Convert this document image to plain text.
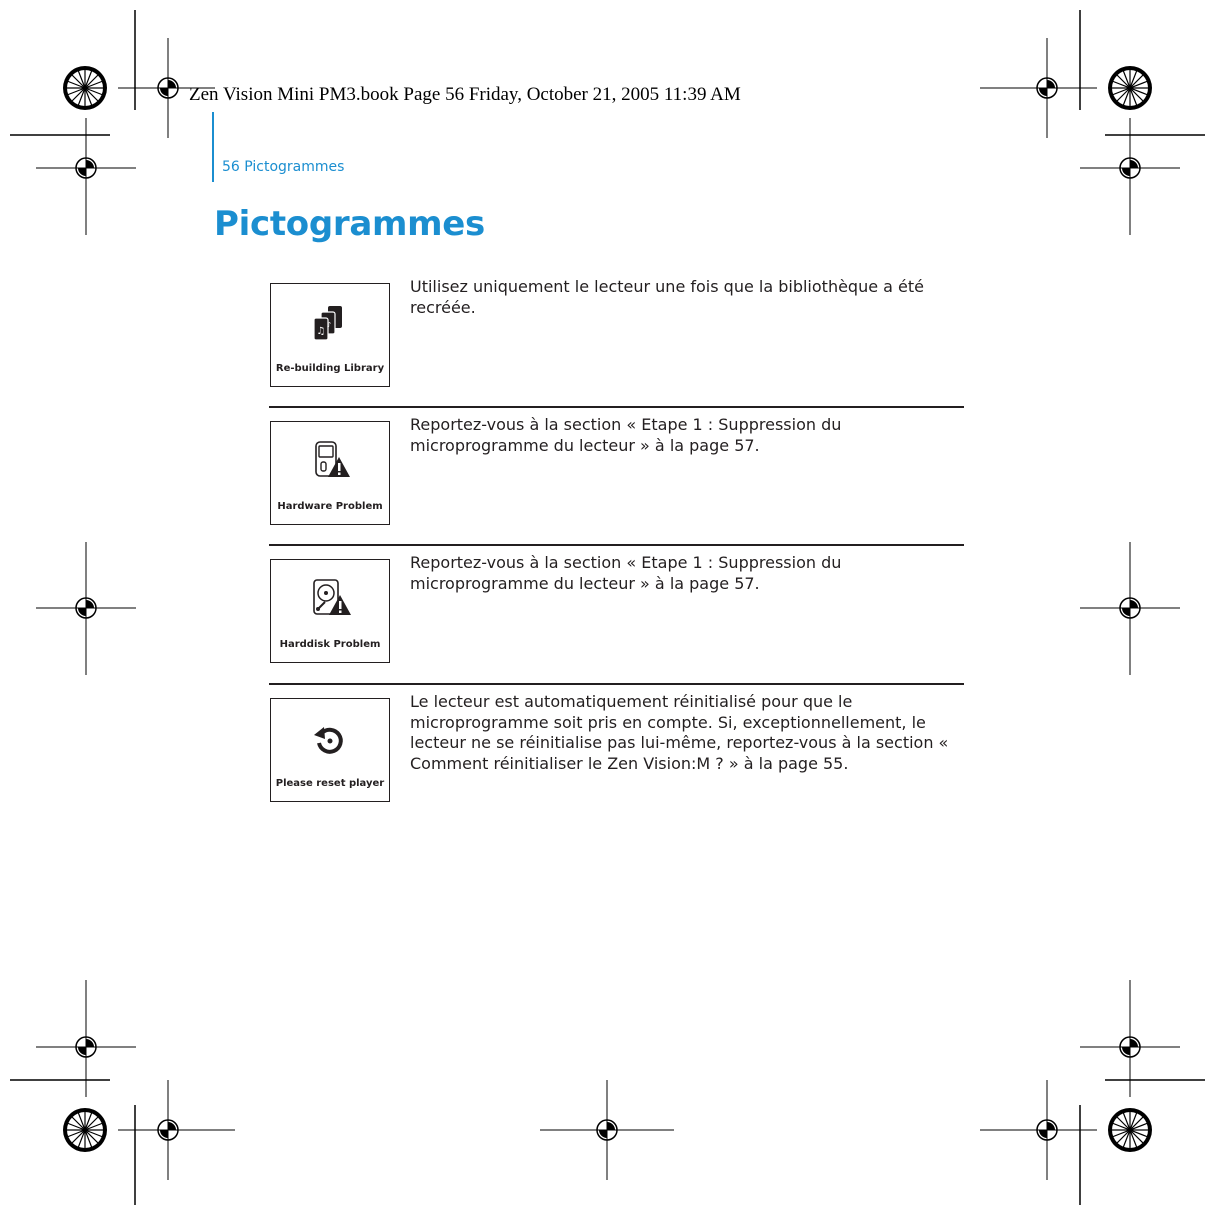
Zen Vision Mini PM3.book Page 56 Friday, October 21, 2005 11:39 AM
56 Pictogrammes
Pictogrammes
♫
♪
Re-building Library

Utilisez uniquement le lecteur une fois que la bibliothèque a été recréée.

Hardware Problem

Reportez-vous à la section « Etape 1 : Suppression du microprogramme du lecteur » à la page 57.

Harddisk Problem

Reportez-vous à la section « Etape 1 : Suppression du microprogramme du lecteur » à la page 57.

Please reset player

Le lecteur est automatiquement réinitialisé pour que le microprogramme soit pris en compte. Si, exceptionnellement, le lecteur ne se réinitialise pas lui-même, reportez-vous à la section « Comment réinitialiser le Zen Vision:M ? » à la page 55.
